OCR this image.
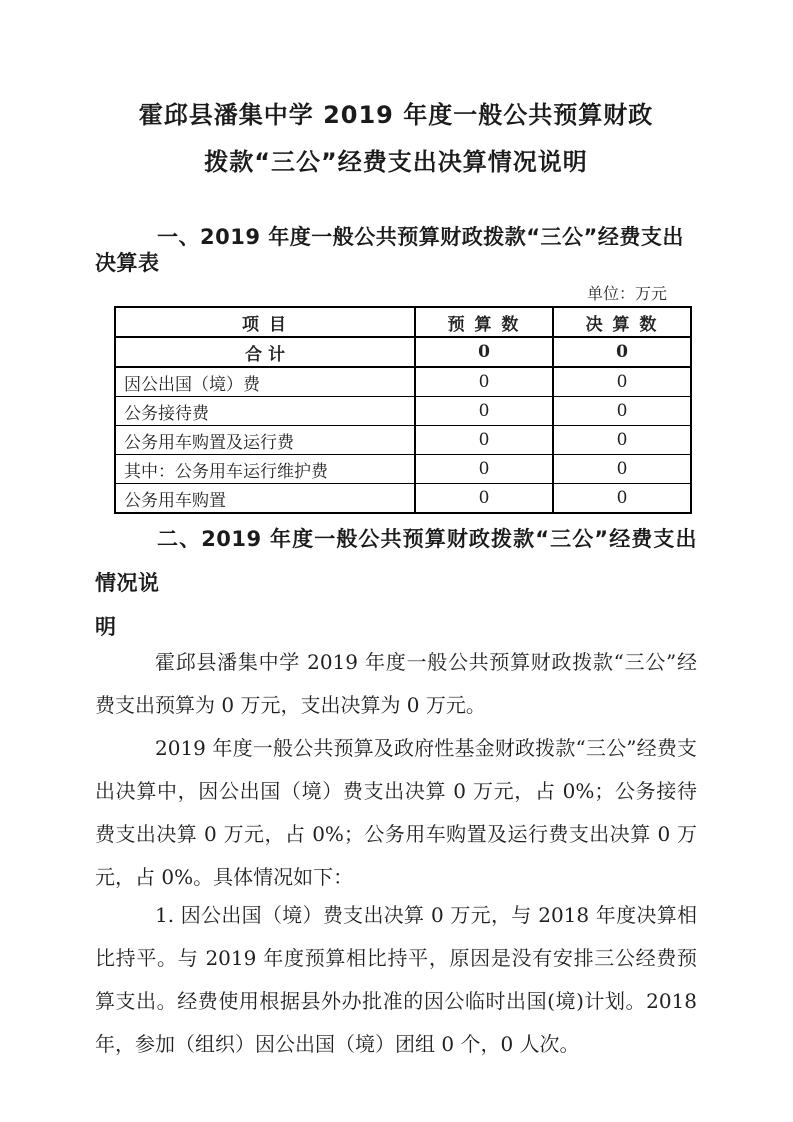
霍邱县潘集中学 2019 年度一般公共预算财政
拨款“三公”经费支出决算情况说明
一、2019 年度一般公共预算财政拨款“三公”经费支出决算表
单位：万元
项 目	预 算 数	决 算 数
合 计	0	0
因公出国（境）费	0	0
公务接待费	0	0
公务用车购置及运行费	0	0
其中：公务用车运行维护费	0	0
公务用车购置	0	0
二、2019 年度一般公共预算财政拨款“三公”经费支出情况说
明

霍邱县潘集中学 2019 年度一般公共预算财政拨款“三公”经费支出预算为 0 万元，支出决算为 0 万元。

2019 年度一般公共预算及政府性基金财政拨款“三公”经费支出决算中，因公出国（境）费支出决算 0 万元，占 0%；公务接待费支出决算 0 万元，占 0%；公务用车购置及运行费支出决算 0 万元，占 0%。具体情况如下：

1. 因公出国（境）费支出决算 0 万元，与 2018 年度决算相比持平。与 2019 年度预算相比持平，原因是没有安排三公经费预算支出。经费使用根据县外办批准的因公临时出国(境)计划。2018 年，参加（组织）因公出国（境）团组 0 个，0 人次。
